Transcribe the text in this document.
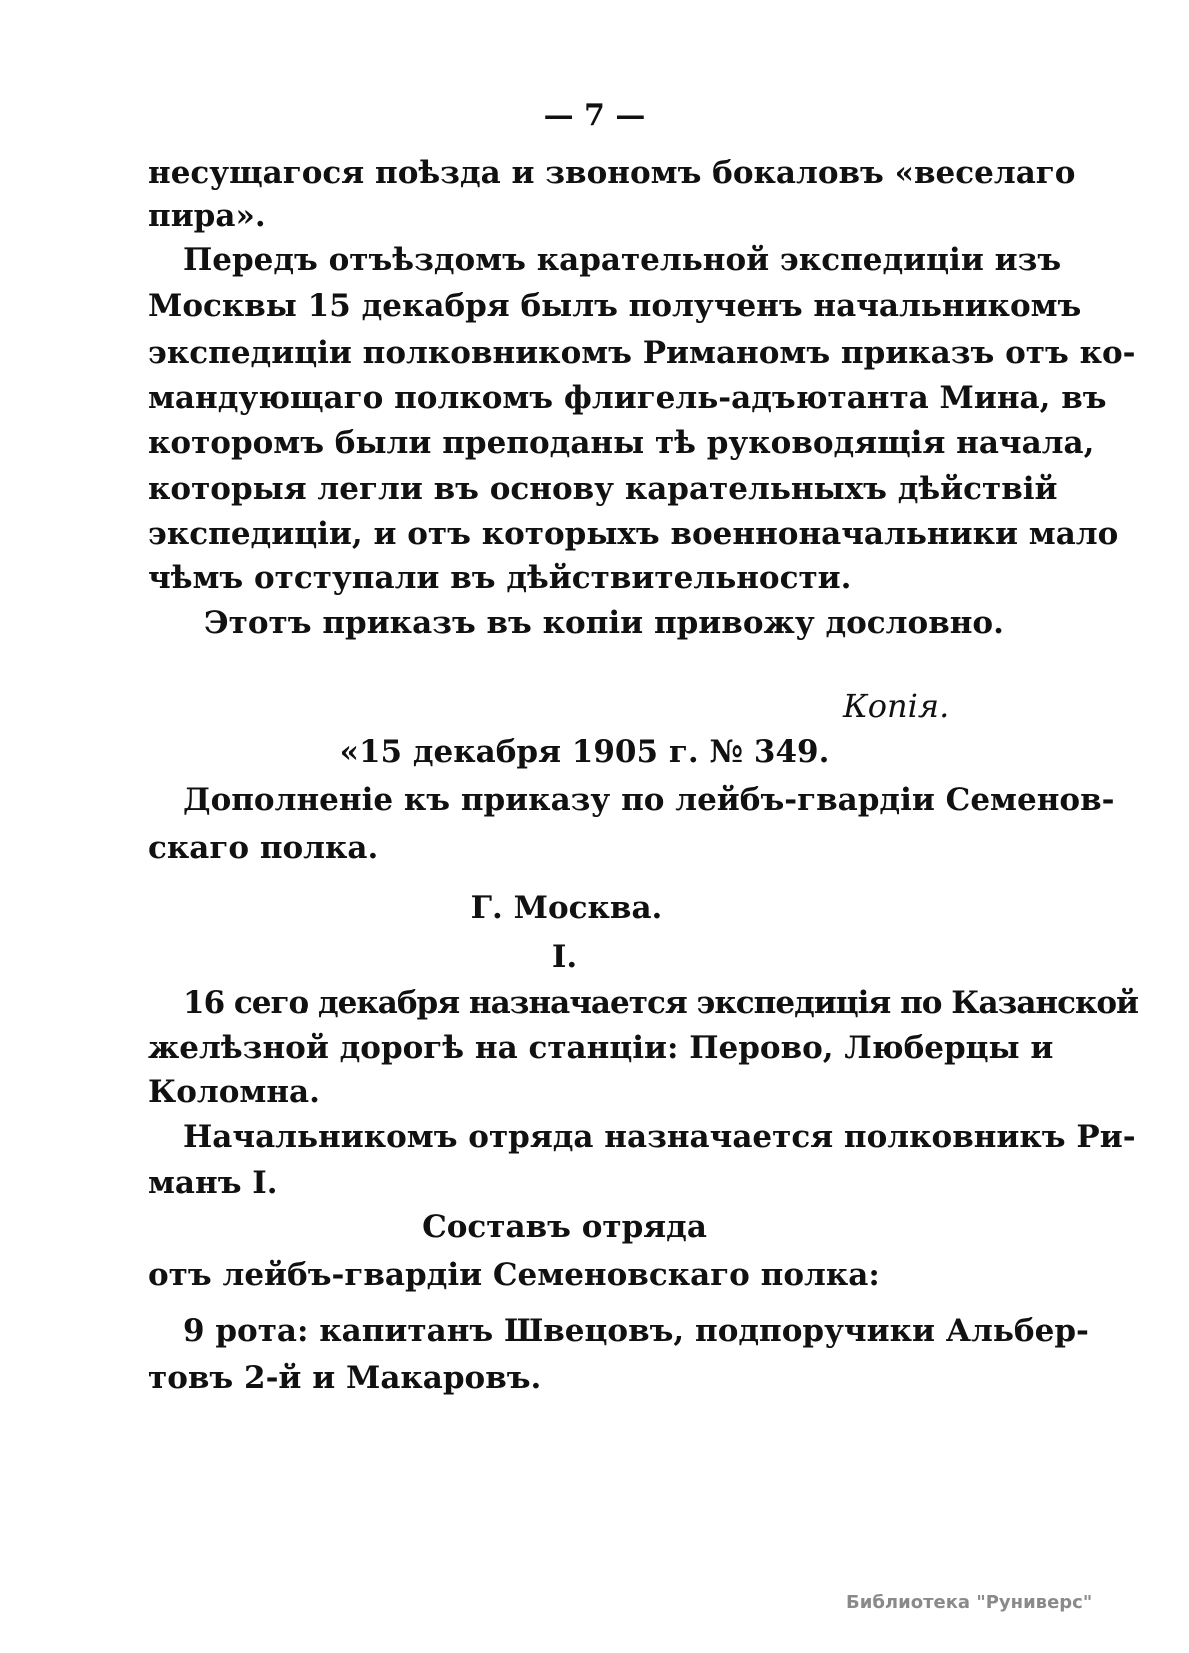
— 7 —
несущагося поѣзда и звономъ бокаловъ «веселаго
пира».
Передъ отъѣздомъ карательной экспедиціи изъ
Москвы 15 декабря былъ полученъ начальникомъ
экспедиціи полковникомъ Риманомъ приказъ отъ ко-
мандующаго полкомъ флигель-адъютанта Мина, въ
которомъ были преподаны тѣ руководящія начала,
которыя легли въ основу карательныхъ дѣйствій
экспедиціи, и отъ которыхъ военноначальники мало
чѣмъ отступали въ дѣйствительности.
Этотъ приказъ въ копіи привожу дословно.
Копія.
«15 декабря 1905 г. № 349.
Дополненіе къ приказу по лейбъ-гвардіи Семенов-
скаго полка.
Г. Москва.
I.
16 сего декабря назначается экспедиція по Казанской
желѣзной дорогѣ на станціи: Перово, Люберцы и
Коломна.
Начальникомъ отряда назначается полковникъ Ри-
манъ I.
Составъ отряда
отъ лейбъ-гвардіи Семеновскаго полка:
9 рота: капитанъ Швецовъ, подпоручики Альбер-
товъ 2-й и Макаровъ.
Библиотека "Руниверс"
